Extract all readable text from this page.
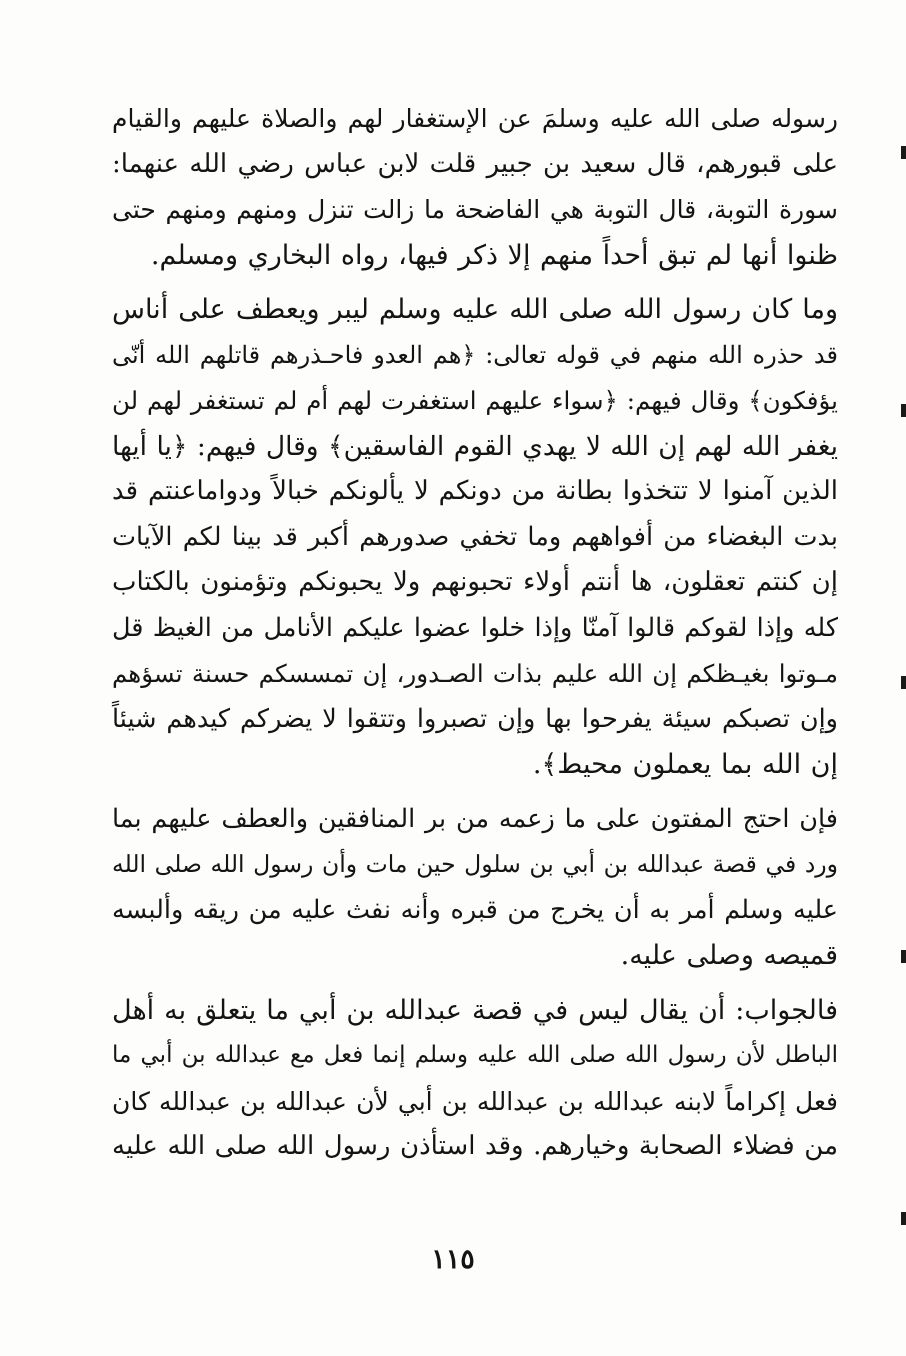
رسوله صلى الله عليه وسلمَ عن الإستغفار لهم والصلاة عليهم والقيام
على قبورهم، قال سعيد بن جبير قلت لابن عباس رضي الله عنهما:
سورة التوبة، قال التوبة هي الفاضحة ما زالت تنزل ومنهم ومنهم حتى
ظنوا أنها لم تبق أحداً منهم إلا ذكر فيها، رواه البخاري ومسلم.
وما كان رسول الله صلى الله عليه وسلم ليبر ويعطف على أناس
قد حذره الله منهم في قوله تعالى: ﴿هم العدو فاحـذرهم قاتلهم الله أنّى
يؤفكون﴾ وقال فيهم: ﴿سواء عليهم استغفرت لهم أم لم تستغفر لهم لن
يغفر الله لهم إن الله لا يهدي القوم الفاسقين﴾ وقال فيهم: ﴿يا أيها
الذين آمنوا لا تتخذوا بطانة من دونكم لا يألونكم خبالاً ودواماعنتم قد
بدت البغضاء من أفواههم وما تخفي صدورهم أكبر قد بينا لكم الآيات
إن كنتم تعقلون، ها أنتم أولاء تحبونهم ولا يحبونكم وتؤمنون بالكتاب
كله وإذا لقوكم قالوا آمنّا وإذا خلوا عضوا عليكم الأنامل من الغيظ قل
مـوتوا بغيـظكم إن الله عليم بذات الصـدور، إن تمسسكم حسنة تسؤهم
وإن تصبكم سيئة يفرحوا بها وإن تصبروا وتتقوا لا يضركم كيدهم شيئاً
إن الله بما يعملون محيط﴾.
فإن احتج المفتون على ما زعمه من بر المنافقين والعطف عليهم بما
ورد في قصة عبدالله بن أبي بن سلول حين مات وأن رسول الله صلى الله
عليه وسلم أمر به أن يخرج من قبره وأنه نفث عليه من ريقه وألبسه
قميصه وصلى عليه.
فالجواب: أن يقال ليس في قصة عبدالله بن أبي ما يتعلق به أهل
الباطل لأن رسول الله صلى الله عليه وسلم إنما فعل مع عبدالله بن أبي ما
فعل إكراماً لابنه عبدالله بن عبدالله بن أبي لأن عبدالله بن عبدالله كان
من فضلاء الصحابة وخيارهم. وقد استأذن رسول الله صلى الله عليه
١١٥
